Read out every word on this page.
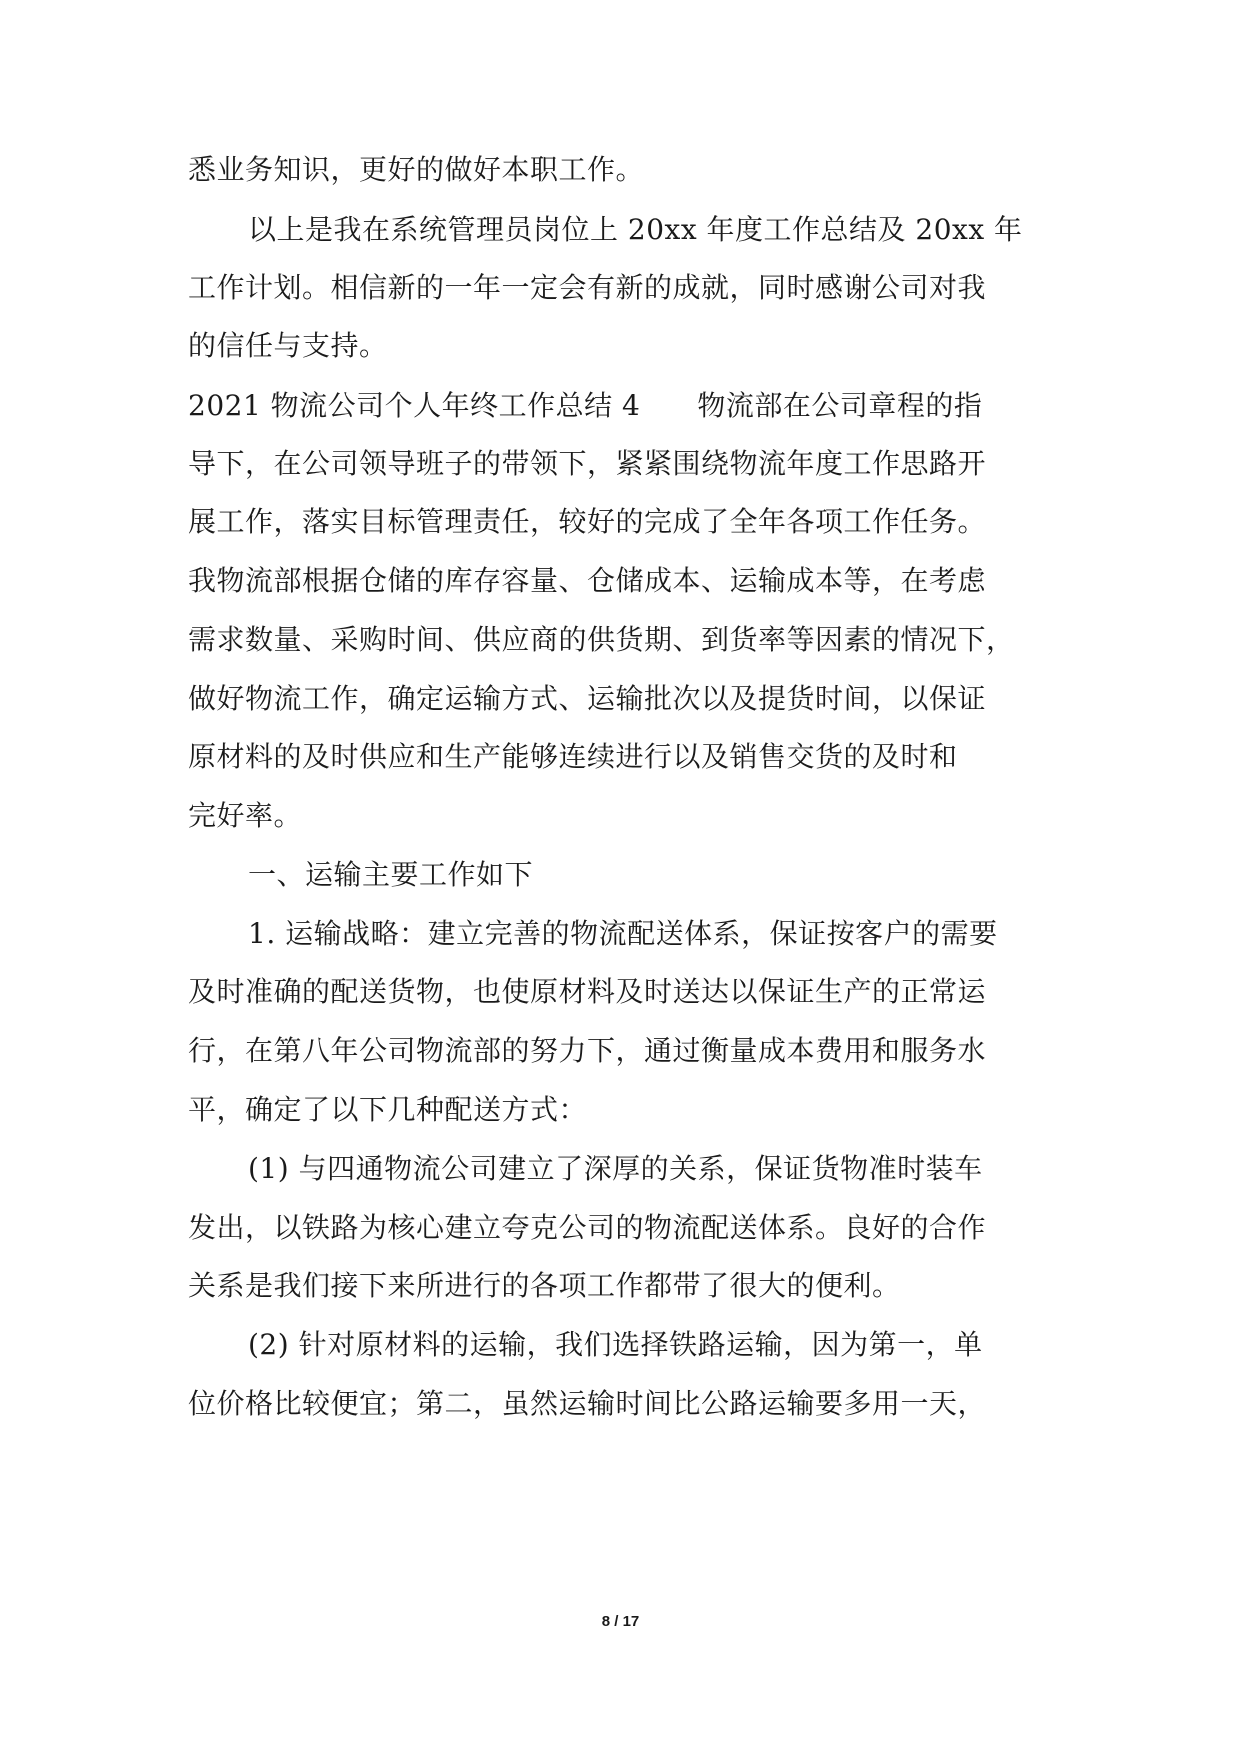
悉业务知识，更好的做好本职工作。
以上是我在系统管理员岗位上 20xx 年度工作总结及 20xx 年
工作计划。相信新的一年一定会有新的成就，同时感谢公司对我
的信任与支持。
2021 物流公司个人年终工作总结 4　　物流部在公司章程的指
导下，在公司领导班子的带领下，紧紧围绕物流年度工作思路开
展工作，落实目标管理责任，较好的完成了全年各项工作任务。
我物流部根据仓储的库存容量、仓储成本、运输成本等，在考虑
需求数量、采购时间、供应商的供货期、到货率等因素的情况下，
做好物流工作，确定运输方式、运输批次以及提货时间，以保证
原材料的及时供应和生产能够连续进行以及销售交货的及时和
完好率。
一、运输主要工作如下
1. 运输战略：建立完善的物流配送体系，保证按客户的需要
及时准确的配送货物，也使原材料及时送达以保证生产的正常运
行，在第八年公司物流部的努力下，通过衡量成本费用和服务水
平，确定了以下几种配送方式：
(1) 与四通物流公司建立了深厚的关系，保证货物准时装车
发出，以铁路为核心建立夸克公司的物流配送体系。良好的合作
关系是我们接下来所进行的各项工作都带了很大的便利。
(2) 针对原材料的运输，我们选择铁路运输，因为第一，单
位价格比较便宜；第二，虽然运输时间比公路运输要多用一天，
8 / 17
